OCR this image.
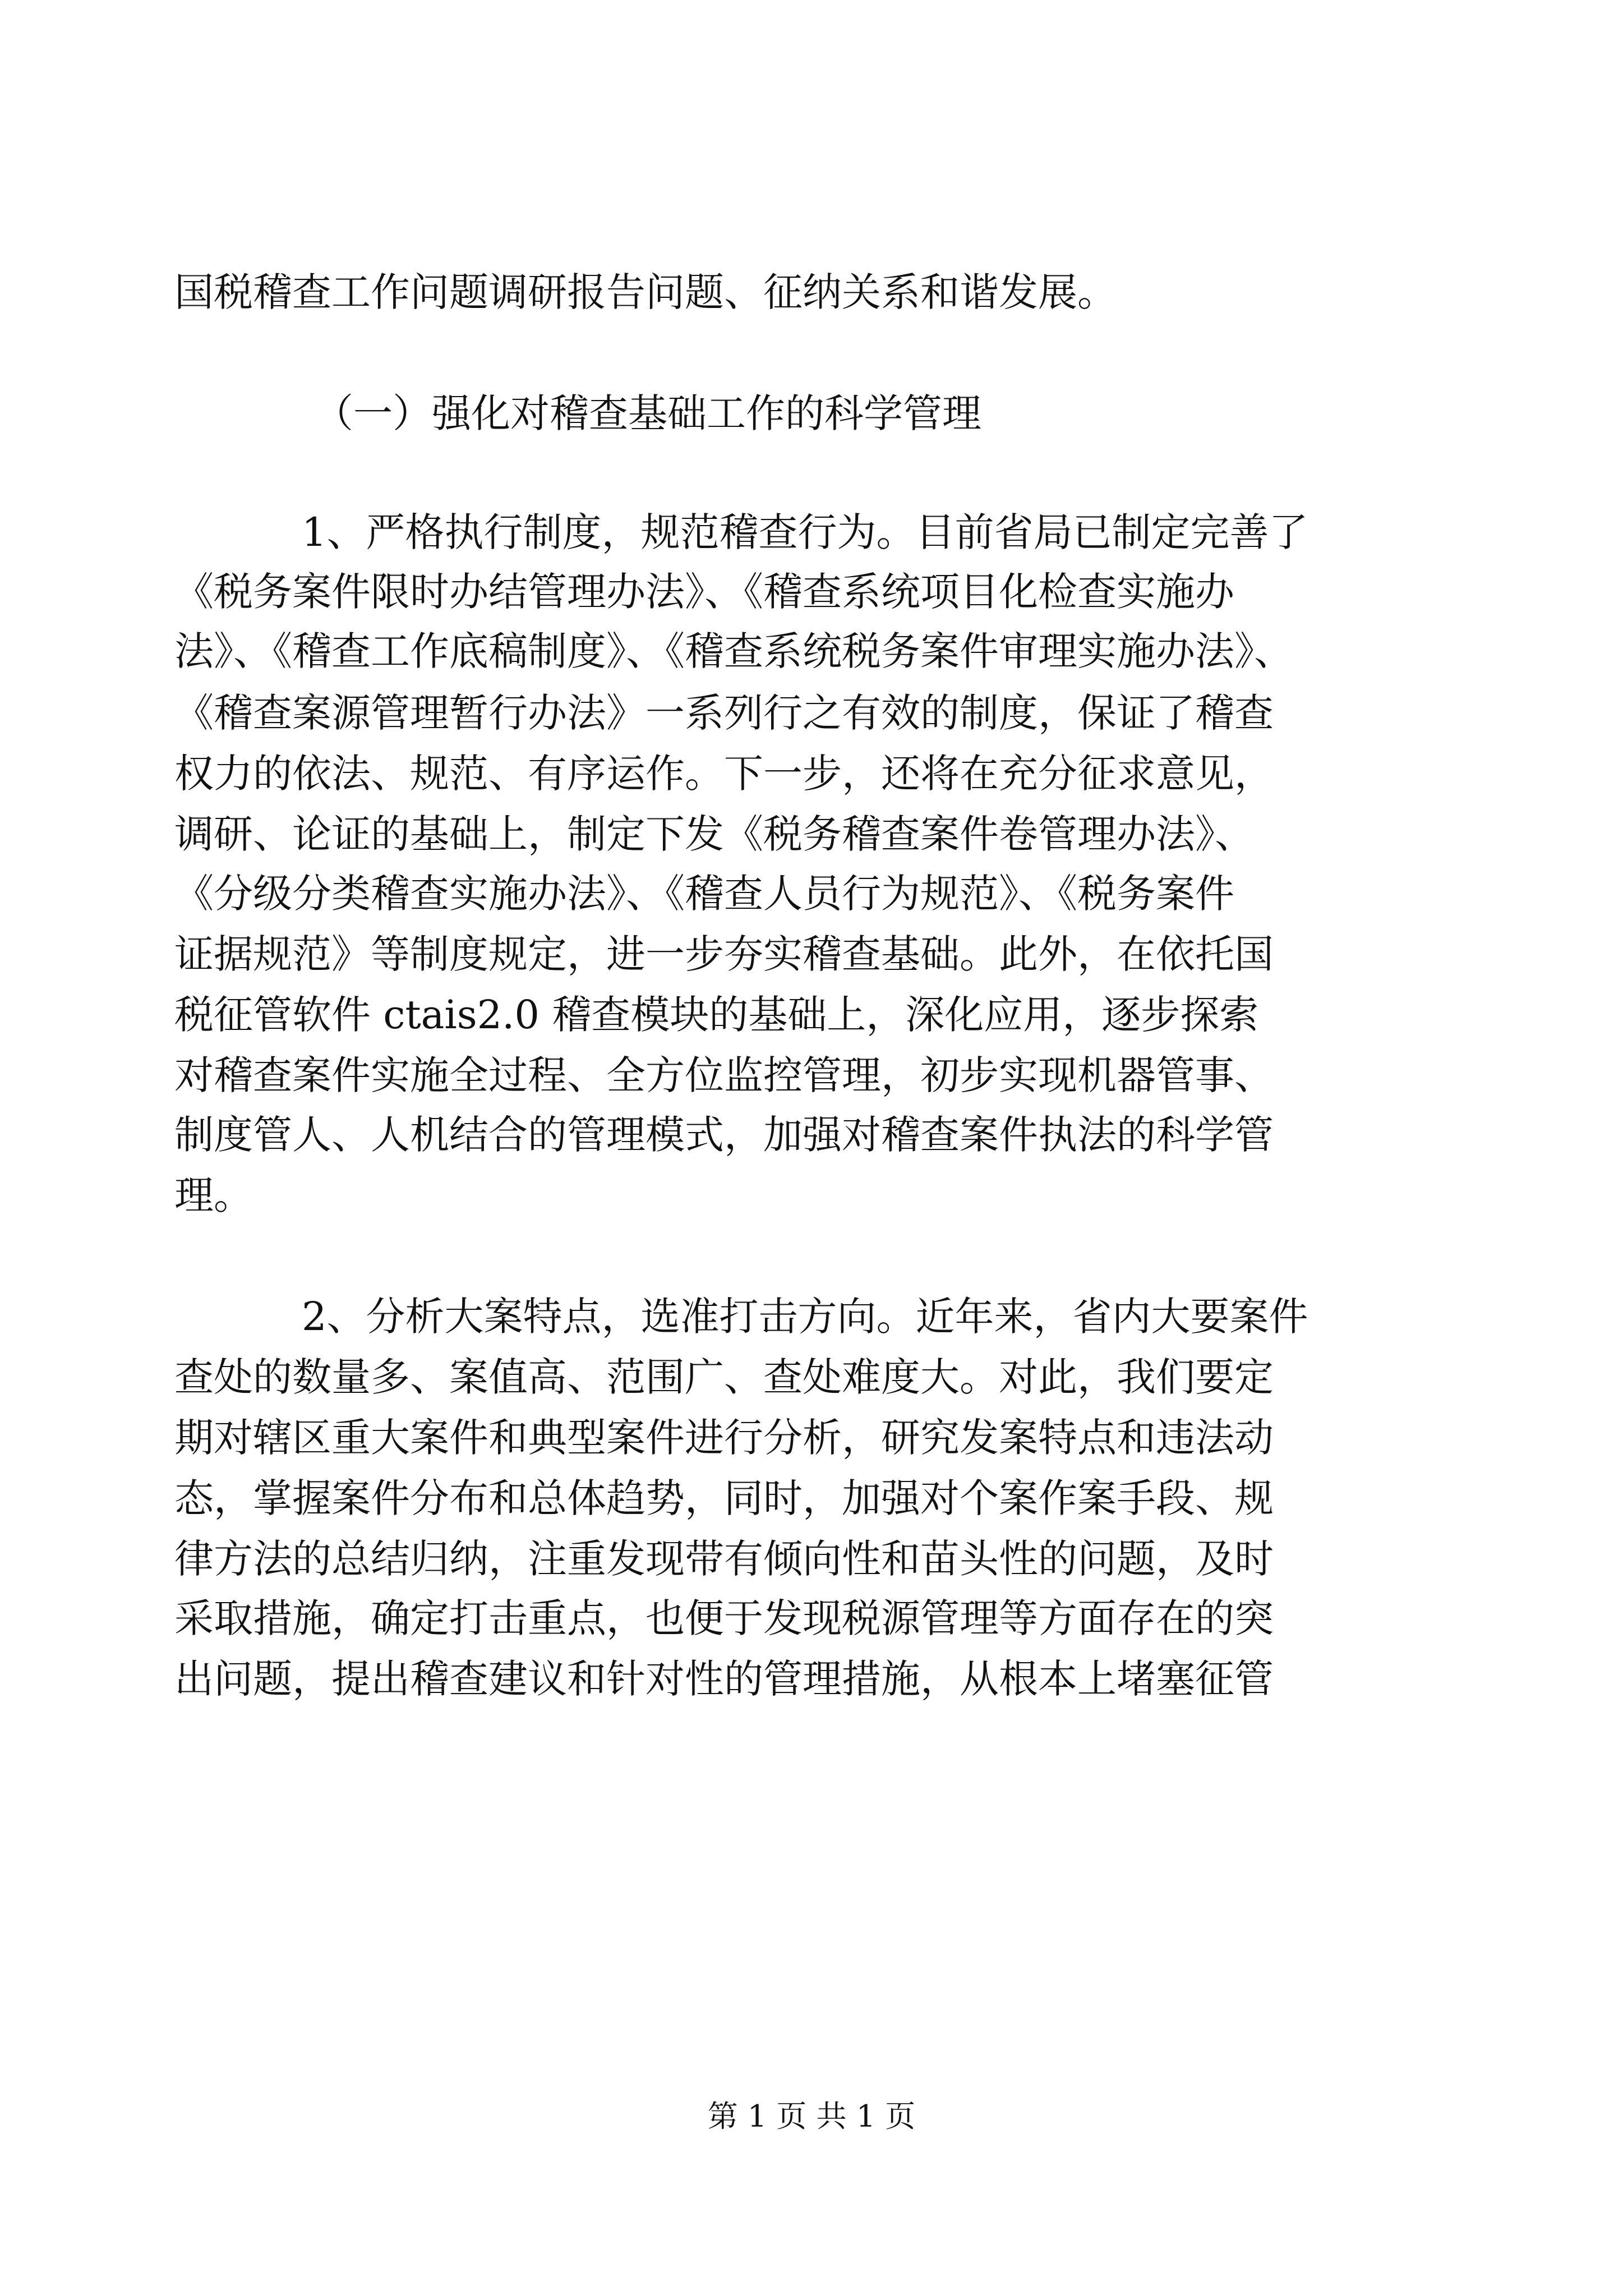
国税稽查工作问题调研报告问题、征纳关系和谐发展。
（一）强化对稽查基础工作的科学管理
1、严格执行制度，规范稽查行为。目前省局已制定完善了
《税务案件限时办结管理办法》、《稽查系统项目化检查实施办
法》、《稽查工作底稿制度》、《稽查系统税务案件审理实施办法》、
《稽查案源管理暂行办法》一系列行之有效的制度，保证了稽查
权力的依法、规范、有序运作。下一步，还将在充分征求意见，
调研、论证的基础上，制定下发《税务稽查案件卷管理办法》、
《分级分类稽查实施办法》、《稽查人员行为规范》、《税务案件
证据规范》等制度规定，进一步夯实稽查基础。此外，在依托国
税征管软件 ctais2.0 稽查模块的基础上，深化应用，逐步探索
对稽查案件实施全过程、全方位监控管理，初步实现机器管事、
制度管人、人机结合的管理模式，加强对稽查案件执法的科学管
理。
2、分析大案特点，选准打击方向。近年来，省内大要案件
查处的数量多、案值高、范围广、查处难度大。对此，我们要定
期对辖区重大案件和典型案件进行分析，研究发案特点和违法动
态，掌握案件分布和总体趋势，同时，加强对个案作案手段、规
律方法的总结归纳，注重发现带有倾向性和苗头性的问题，及时
采取措施，确定打击重点，也便于发现税源管理等方面存在的突
出问题，提出稽查建议和针对性的管理措施，从根本上堵塞征管
第 1 页 共 1 页
